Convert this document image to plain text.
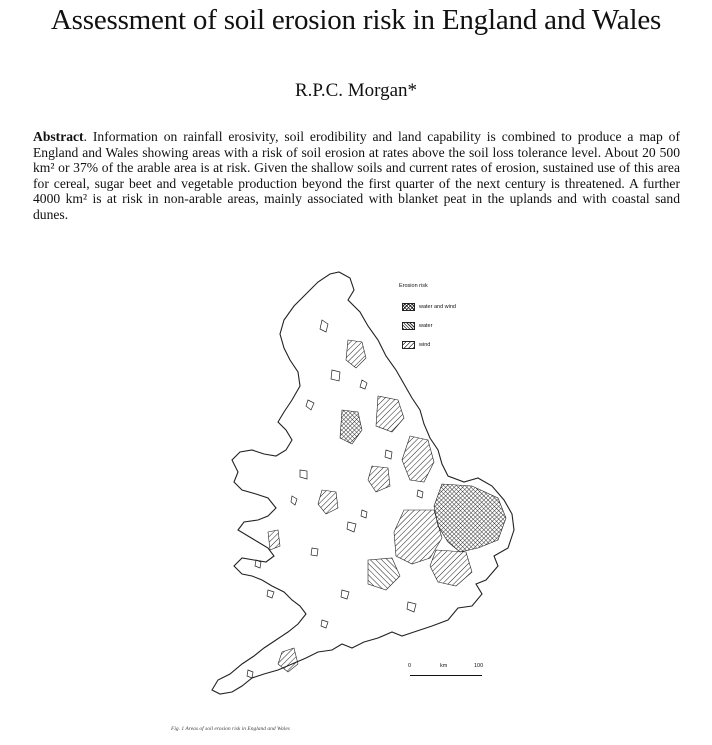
Assessment of soil erosion risk in England and Wales

R.P.C. Morgan*

Abstract. Information on rainfall erosivity, soil erodibility and land capability is combined to produce a map of England and Wales showing areas with a risk of soil erosion at rates above the soil loss tolerance level. About 20 500 km² or 37% of the arable area is at risk. Given the shallow soils and current rates of erosion, sustained use of this area for cereal, sugar beet and vegetable production beyond the first quarter of the next century is threatened. A further 4000 km² is at risk in non-arable areas, mainly associated with blanket peat in the uplands and with coastal sand dunes.

Erosion risk
water and wind
water
wind
0	km	100
Fig. 1 Areas of soil erosion risk in England and Wales
